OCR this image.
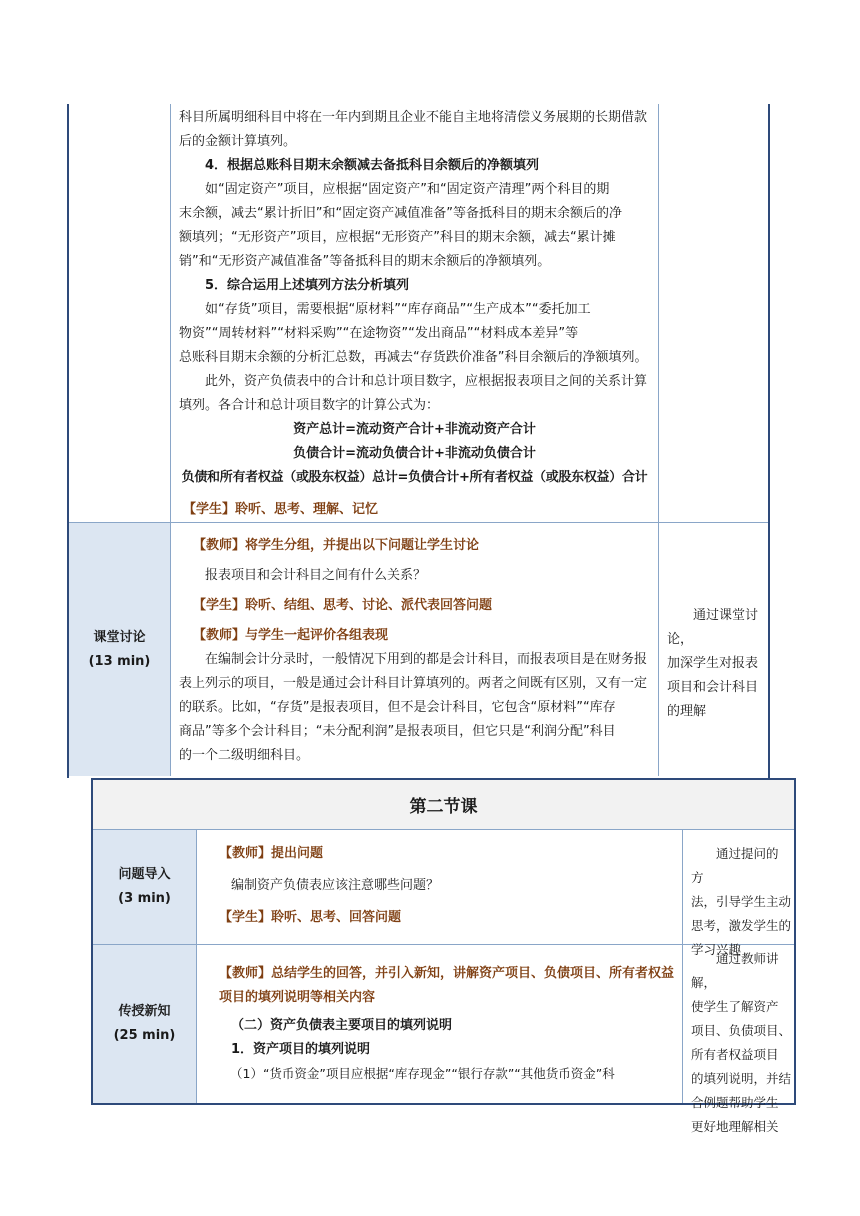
科目所属明细科目中将在一年内到期且企业不能自主地将清偿义务展期的长期借款

后的金额计算填列。

4．根据总账科目期末余额减去备抵科目余额后的净额填列

如“固定资产”项目，应根据“固定资产”和“固定资产清理”两个科目的期

末余额，减去“累计折旧”和“固定资产减值准备”等备抵科目的期末余额后的净

额填列；“无形资产”项目，应根据“无形资产”科目的期末余额，减去“累计摊

销”和“无形资产减值准备”等备抵科目的期末余额后的净额填列。

5．综合运用上述填列方法分析填列

如“存货”项目，需要根据“原材料”“库存商品”“生产成本”“委托加工

物资”“周转材料”“材料采购”“在途物资”“发出商品”“材料成本差异”等

总账科目期末余额的分析汇总数，再减去“存货跌价准备”科目余额后的净额填列。

此外，资产负债表中的合计和总计项目数字，应根据报表项目之间的关系计算

填列。各合计和总计项目数字的计算公式为：

资产总计=流动资产合计+非流动资产合计

负债合计=流动负债合计+非流动负债合计

负债和所有者权益（或股东权益）总计=负债合计+所有者权益（或股东权益）合计

【学生】聆听、思考、理解、记忆

课堂讨论
(13 min)

【教师】将学生分组，并提出以下问题让学生讨论

报表项目和会计科目之间有什么关系？

【学生】聆听、结组、思考、讨论、派代表回答问题

【教师】与学生一起评价各组表现

在编制会计分录时，一般情况下用到的都是会计科目，而报表项目是在财务报

表上列示的项目，一般是通过会计科目计算填列的。两者之间既有区别，又有一定

的联系。比如，“存货”是报表项目，但不是会计科目，它包含“原材料”“库存

商品”等多个会计科目；“未分配利润”是报表项目，但它只是“利润分配”科目

的一个二级明细科目。

通过课堂讨论，

加深学生对报表

项目和会计科目

的理解

第二节课
问题导入
(3 min)

【教师】提出问题

编制资产负债表应该注意哪些问题？

【学生】聆听、思考、回答问题

通过提问的方

法，引导学生主动

思考，激发学生的

学习兴趣

传授新知
(25 min)

【教师】总结学生的回答，并引入新知，讲解资产项目、负债项目、所有者权益

项目的填列说明等相关内容

（二）资产负债表主要项目的填列说明

1．资产项目的填列说明

（1）“货币资金”项目应根据“库存现金”“银行存款”“其他货币资金”科

通过教师讲解，

使学生了解资产

项目、负债项目、

所有者权益项目

的填列说明，并结

合例题帮助学生

更好地理解相关
